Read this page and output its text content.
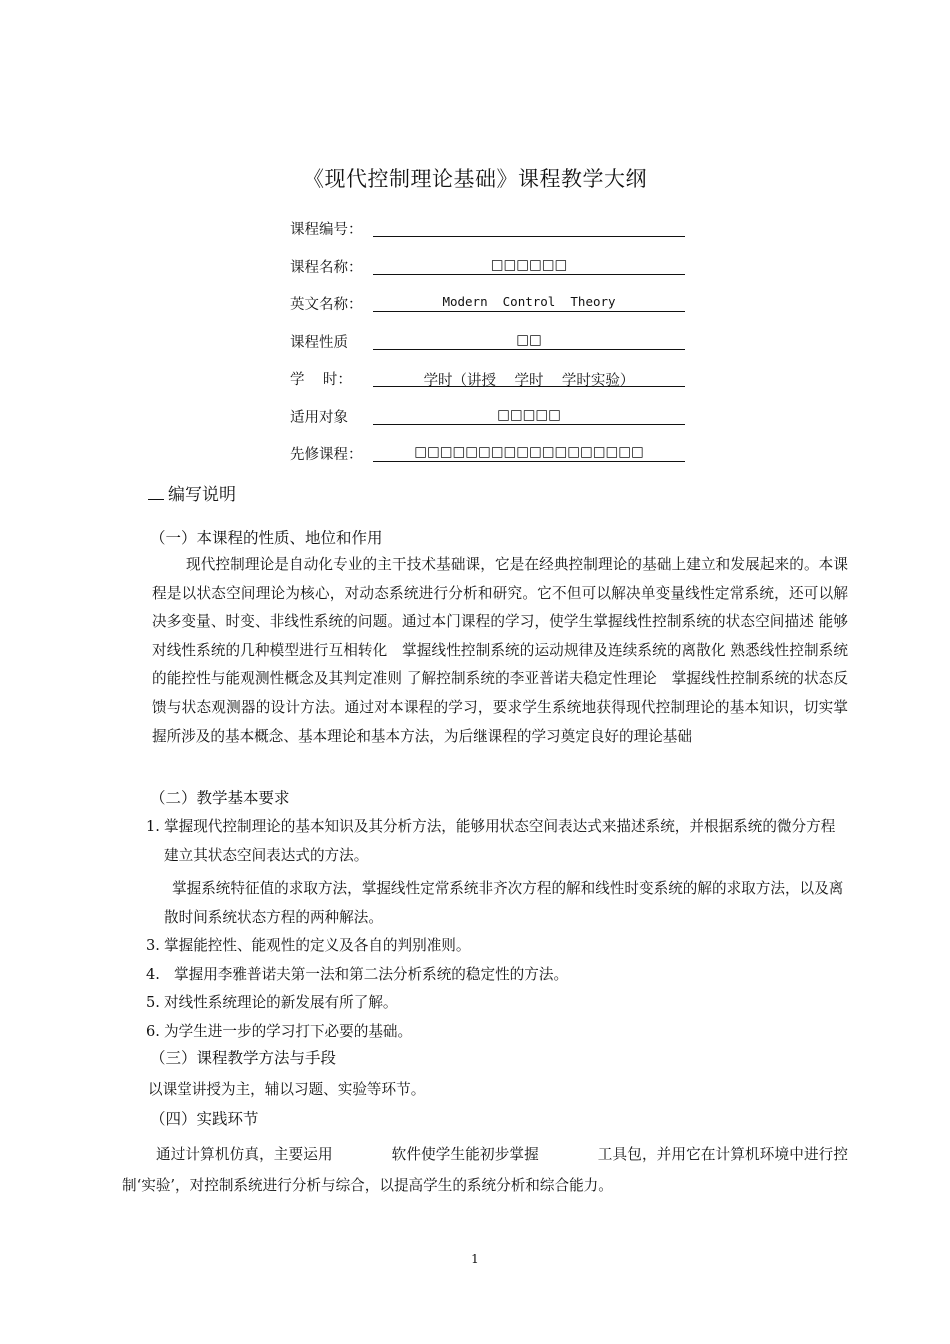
《现代控制理论基础》课程教学大纲
课程编号：
课程名称：	□□□□□□
英文名称：	Modern  Control  Theory
课程性质	□□
学    时：	学时（讲授    学时    学时实验）
适用对象	□□□□□
先修课程：	□□□□□□□□□□□□□□□□□□
编写说明
（一）本课程的性质、地位和作用

现代控制理论是自动化专业的主干技术基础课，它是在经典控制理论的基础上建立和发展起来的。本课程是以状态空间理论为核心，对动态系统进行分析和研究。它不但可以解决单变量线性定常系统，还可以解决多变量、时变、非线性系统的问题。通过本门课程的学习，使学生掌握线性控制系统的状态空间描述 能够对线性系统的几种模型进行互相转化　掌握线性控制系统的运动规律及连续系统的离散化 熟悉线性控制系统的能控性与能观测性概念及其判定准则 了解控制系统的李亚普诺夫稳定性理论　掌握线性控制系统的状态反馈与状态观测器的设计方法。通过对本课程的学习，要求学生系统地获得现代控制理论的基本知识，切实掌握所涉及的基本概念、基本理论和基本方法，为后继课程的学习奠定良好的理论基础

（二）教学基本要求
1. 掌握现代控制理论的基本知识及其分析方法，能够用状态空间表达式来描述系统，并根据系统的微分方程建立其状态空间表达式的方法。
掌握系统特征值的求取方法，掌握线性定常系统非齐次方程的解和线性时变系统的解的求取方法，以及离散时间系统状态方程的两种解法。
3. 掌握能控性、能观性的定义及各自的判别准则。
4. 掌握用李雅普诺夫第一法和第二法分析系统的稳定性的方法。
5. 对线性系统理论的新发展有所了解。
6. 为学生进一步的学习打下必要的基础。
（三）课程教学方法与手段
以课堂讲授为主，辅以习题、实验等环节。
（四）实践环节

通过计算机仿真，主要运用　　　　软件使学生能初步掌握　　　　工具包，并用它在计算机环境中进行控制‘实验’，对控制系统进行分析与综合，以提高学生的系统分析和综合能力。

1
